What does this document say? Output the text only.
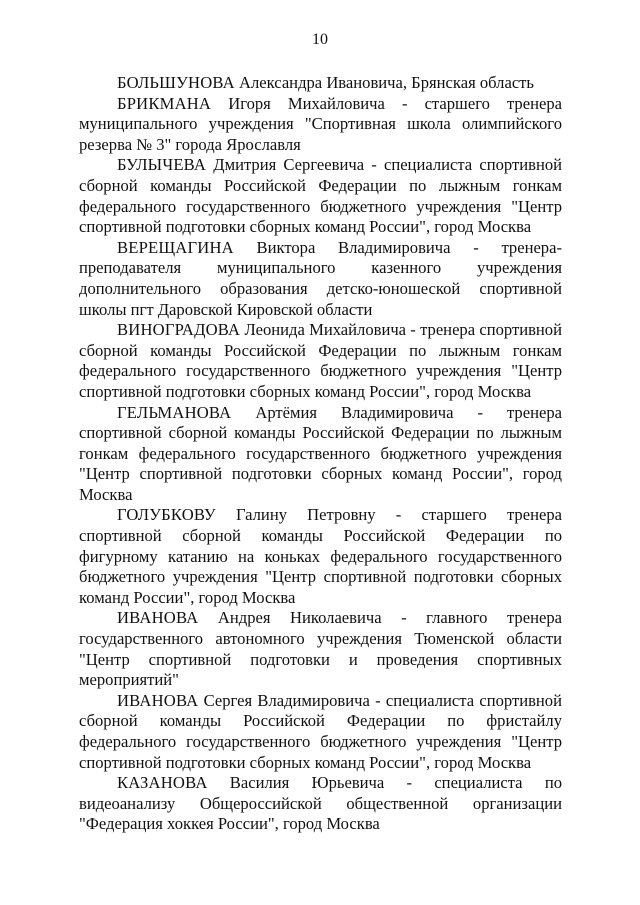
10

БОЛЬШУНОВА Александра Ивановича, Брянская область

БРИКМАНА Игоря Михайловича - старшего тренера муниципального учреждения "Спортивная школа олимпийского резерва № 3" города Ярославля

БУЛЫЧЕВА Дмитрия Сергеевича - специалиста спортивной сборной команды Российской Федерации по лыжным гонкам федерального государственного бюджетного учреждения "Центр спортивной подготовки сборных команд России", город Москва

ВЕРЕЩАГИНА Виктора Владимировича - тренера-преподавателя муниципального казенного учреждения дополнительного образования детско-юношеской спортивной школы пгт Даровской Кировской области

ВИНОГРАДОВА Леонида Михайловича - тренера спортивной сборной команды Российской Федерации по лыжным гонкам федерального государственного бюджетного учреждения "Центр спортивной подготовки сборных команд России", город Москва

ГЕЛЬМАНОВА Артёмия Владимировича - тренера спортивной сборной команды Российской Федерации по лыжным гонкам федерального государственного бюджетного учреждения "Центр спортивной подготовки сборных команд России", город Москва

ГОЛУБКОВУ Галину Петровну - старшего тренера спортивной сборной команды Российской Федерации по фигурному катанию на коньках федерального государственного бюджетного учреждения "Центр спортивной подготовки сборных команд России", город Москва

ИВАНОВА Андрея Николаевича - главного тренера государственного автономного учреждения Тюменской области "Центр спортивной подготовки и проведения спортивных мероприятий"

ИВАНОВА Сергея Владимировича - специалиста спортивной сборной команды Российской Федерации по фристайлу федерального государственного бюджетного учреждения "Центр спортивной подготовки сборных команд России", город Москва

КАЗАНОВА Василия Юрьевича - специалиста по видеоанализу Общероссийской общественной организации "Федерация хоккея России", город Москва
